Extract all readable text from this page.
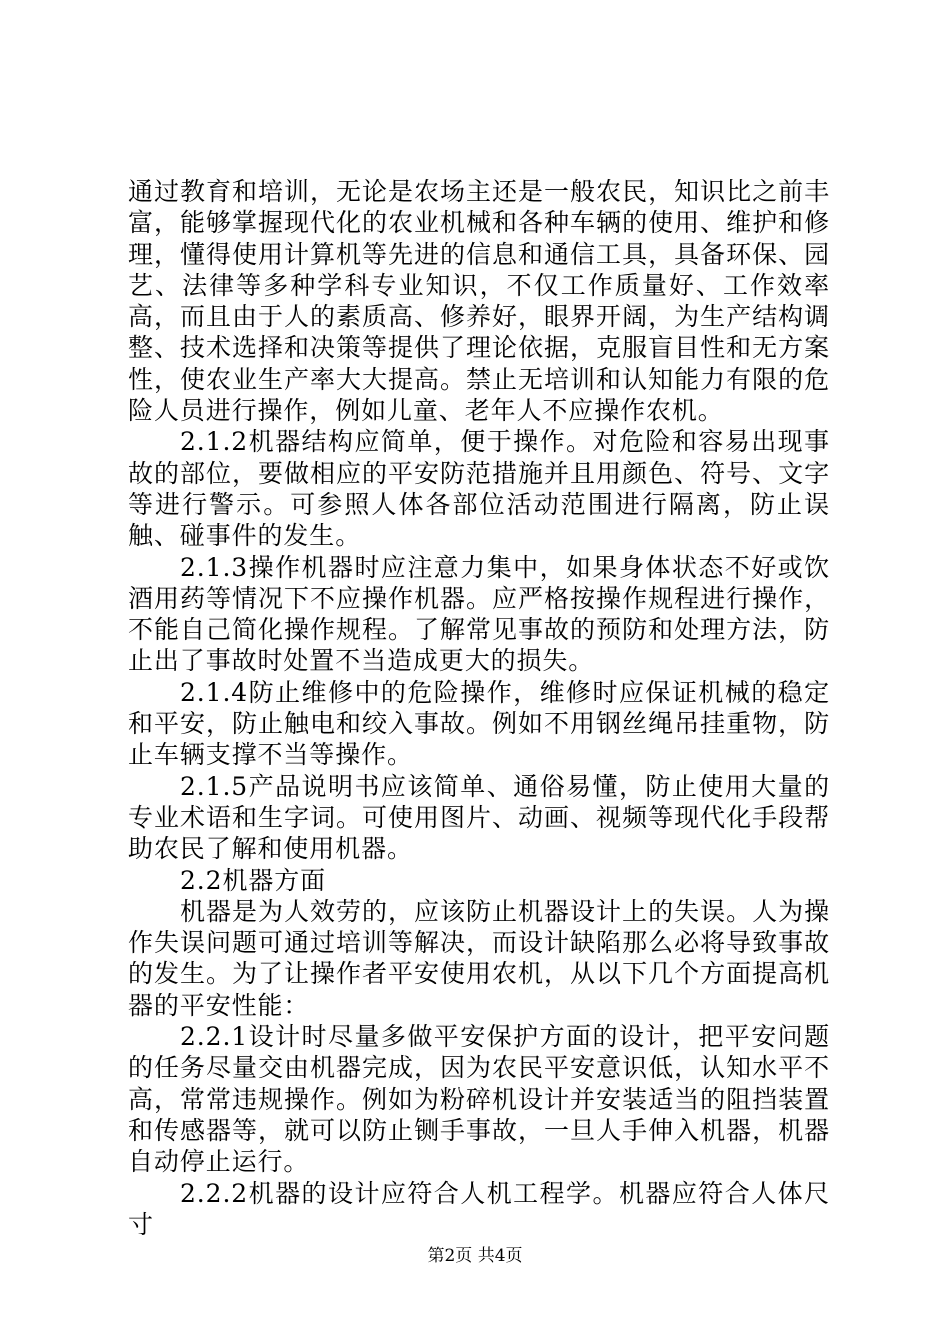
通过教育和培训，无论是农场主还是一般农民，知识比之前丰富，能够掌握现代化的农业机械和各种车辆的使用、维护和修理，懂得使用计算机等先进的信息和通信工具，具备环保、园艺、法律等多种学科专业知识，不仅工作质量好、工作效率高，而且由于人的素质高、修养好，眼界开阔，为生产结构调整、技术选择和决策等提供了理论依据，克服盲目性和无方案性，使农业生产率大大提高。禁止无培训和认知能力有限的危险人员进行操作，例如儿童、老年人不应操作农机。

2.1.2机器结构应简单，便于操作。对危险和容易出现事故的部位，要做相应的平安防范措施并且用颜色、符号、文字等进行警示。可参照人体各部位活动范围进行隔离，防止误触、碰事件的发生。

2.1.3操作机器时应注意力集中，如果身体状态不好或饮酒用药等情况下不应操作机器。应严格按操作规程进行操作，不能自己简化操作规程。了解常见事故的预防和处理方法，防止出了事故时处置不当造成更大的损失。

2.1.4防止维修中的危险操作，维修时应保证机械的稳定和平安，防止触电和绞入事故。例如不用钢丝绳吊挂重物，防止车辆支撑不当等操作。

2.1.5产品说明书应该简单、通俗易懂，防止使用大量的专业术语和生字词。可使用图片、动画、视频等现代化手段帮助农民了解和使用机器。

2.2机器方面

机器是为人效劳的，应该防止机器设计上的失误。人为操作失误问题可通过培训等解决，而设计缺陷那么必将导致事故的发生。为了让操作者平安使用农机，从以下几个方面提高机器的平安性能：

2.2.1设计时尽量多做平安保护方面的设计，把平安问题的任务尽量交由机器完成，因为农民平安意识低，认知水平不高，常常违规操作。例如为粉碎机设计并安装适当的阻挡装置和传感器等，就可以防止铡手事故，一旦人手伸入机器，机器自动停止运行。

2.2.2机器的设计应符合人机工程学。机器应符合人体尺寸

第2页 共4页
